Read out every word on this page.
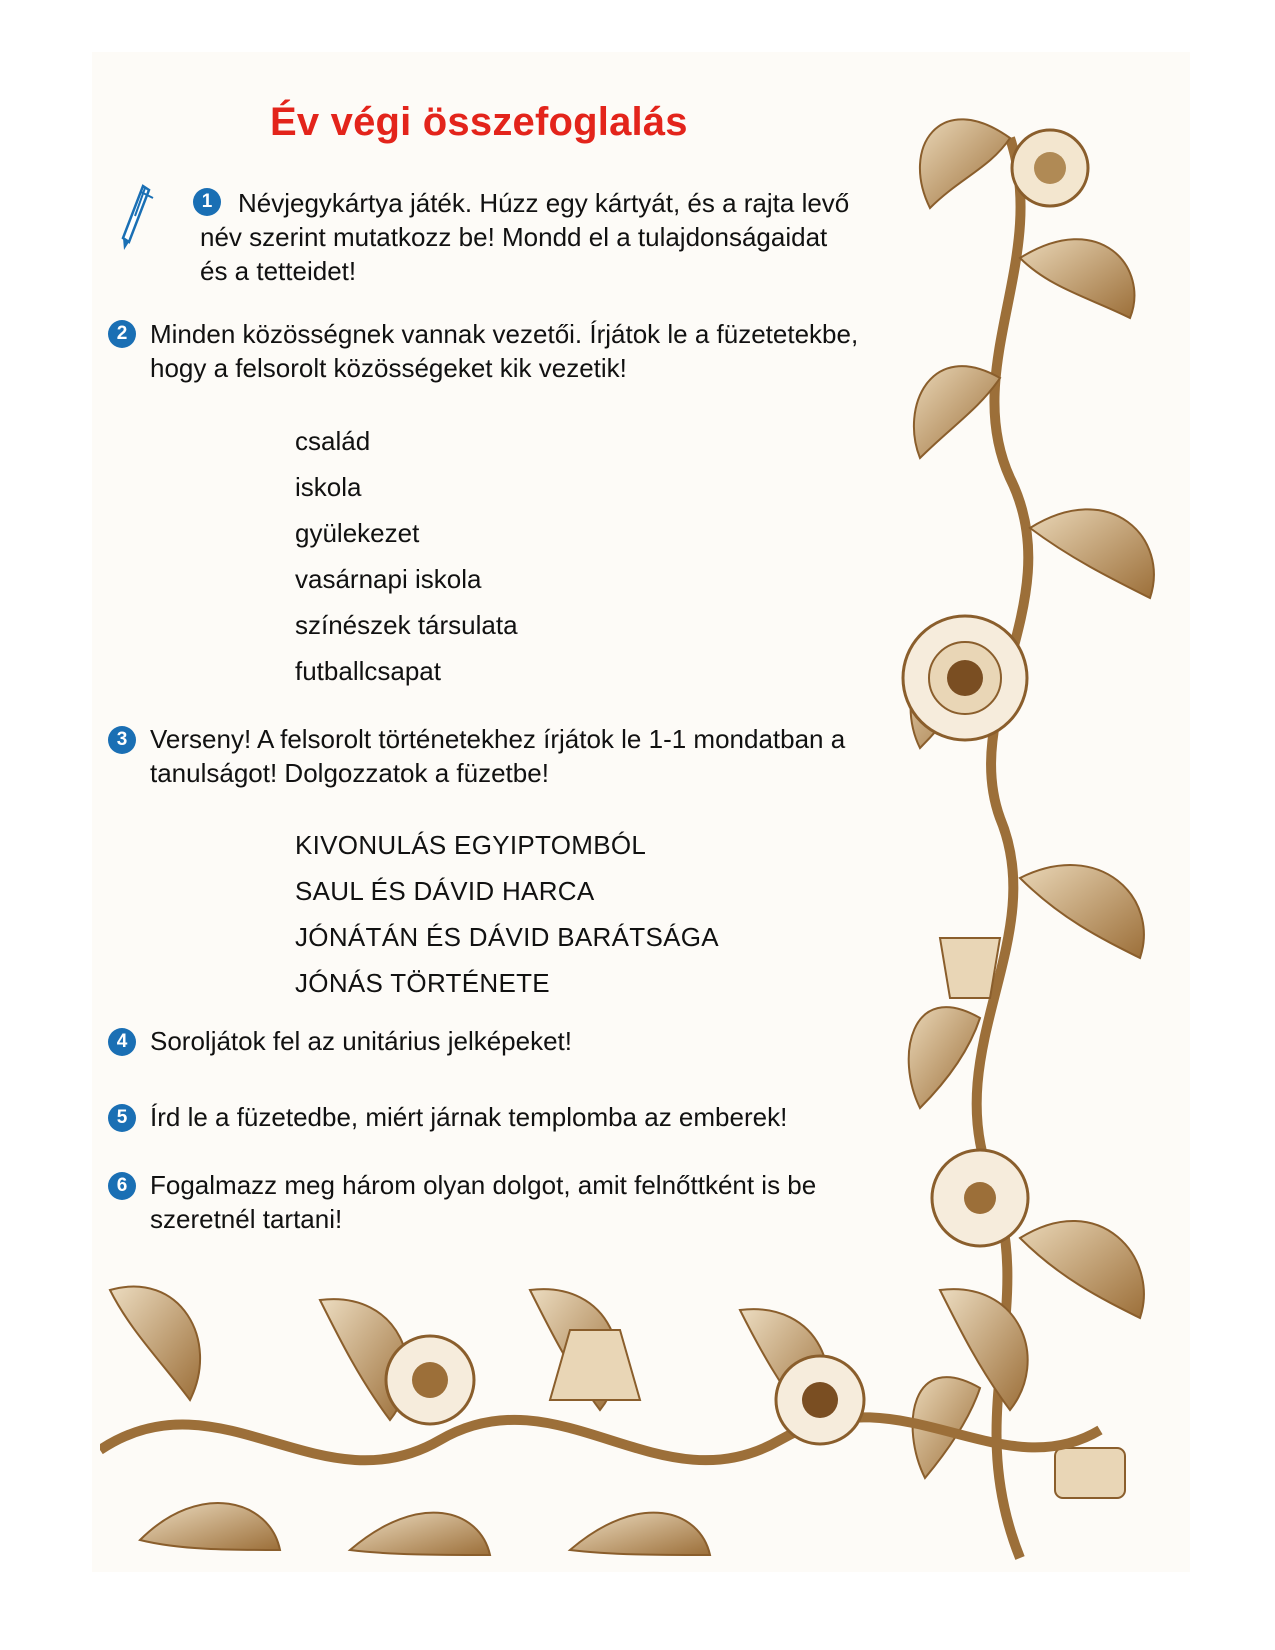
Év végi összefoglalás
1 Névjegykártya játék. Húzz egy kártyát, és a rajta levő név szerint mutatkozz be! Mondd el a tulajdonságaidat és a tetteidet!
2 Minden közösségnek vannak vezetői. Írjátok le a füzetetekbe, hogy a felsorolt közösségeket kik vezetik!
család
iskola
gyülekezet
vasárnapi iskola
színészek társulata
futballcsapat
3 Verseny! A felsorolt történetekhez írjátok le 1-1 mondatban a tanulságot! Dolgozzatok a füzetbe!
KIVONULÁS EGYIPTOMBÓL
SAUL ÉS DÁVID HARCA
JÓNÁTÁN ÉS DÁVID BARÁTSÁGA
JÓNÁS TÖRTÉNETE
4 Soroljátok fel az unitárius jelképeket!
5 Írd le a füzetedbe, miért járnak templomba az emberek!
6 Fogalmazz meg három olyan dolgot, amit felnőttként is be szeretnél tartani!
